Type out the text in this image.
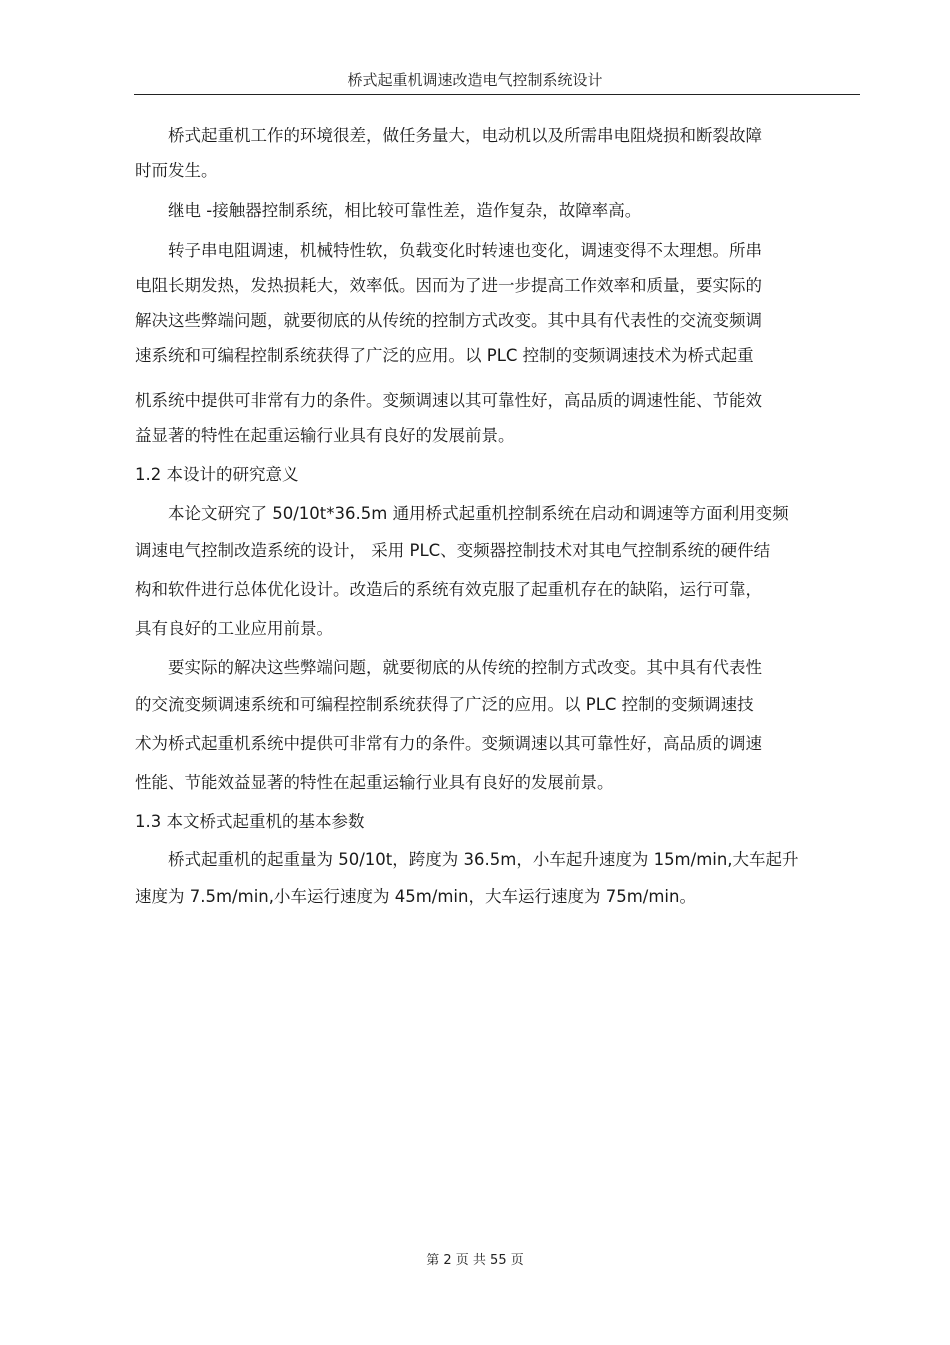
桥式起重机调速改造电气控制系统设计
桥式起重机工作的环境很差，做任务量大，电动机以及所需串电阻烧损和断裂故障
时而发生。
继电 -接触器控制系统，相比较可靠性差，造作复杂，故障率高。
转子串电阻调速，机械特性软，负载变化时转速也变化，调速变得不太理想。所串
电阻长期发热，发热损耗大，效率低。因而为了进一步提高工作效率和质量，要实际的
解决这些弊端问题，就要彻底的从传统的控制方式改变。其中具有代表性的交流变频调
速系统和可编程控制系统获得了广泛的应用。以 PLC 控制的变频调速技术为桥式起重
机系统中提供可非常有力的条件。变频调速以其可靠性好，高品质的调速性能、节能效
益显著的特性在起重运输行业具有良好的发展前景。
1.2 本设计的研究意义
本论文研究了 50/10t*36.5m 通用桥式起重机控制系统在启动和调速等方面利用变频
调速电气控制改造系统的设计， 采用 PLC、变频器控制技术对其电气控制系统的硬件结
构和软件进行总体优化设计。改造后的系统有效克服了起重机存在的缺陷，运行可靠，
具有良好的工业应用前景。
要实际的解决这些弊端问题，就要彻底的从传统的控制方式改变。其中具有代表性
的交流变频调速系统和可编程控制系统获得了广泛的应用。以 PLC 控制的变频调速技
术为桥式起重机系统中提供可非常有力的条件。变频调速以其可靠性好，高品质的调速
性能、节能效益显著的特性在起重运输行业具有良好的发展前景。
1.3 本文桥式起重机的基本参数
桥式起重机的起重量为 50/10t，跨度为 36.5m，小车起升速度为 15m/min,大车起升
速度为 7.5m/min,小车运行速度为 45m/min，大车运行速度为 75m/min。
第 2 页 共 55 页
